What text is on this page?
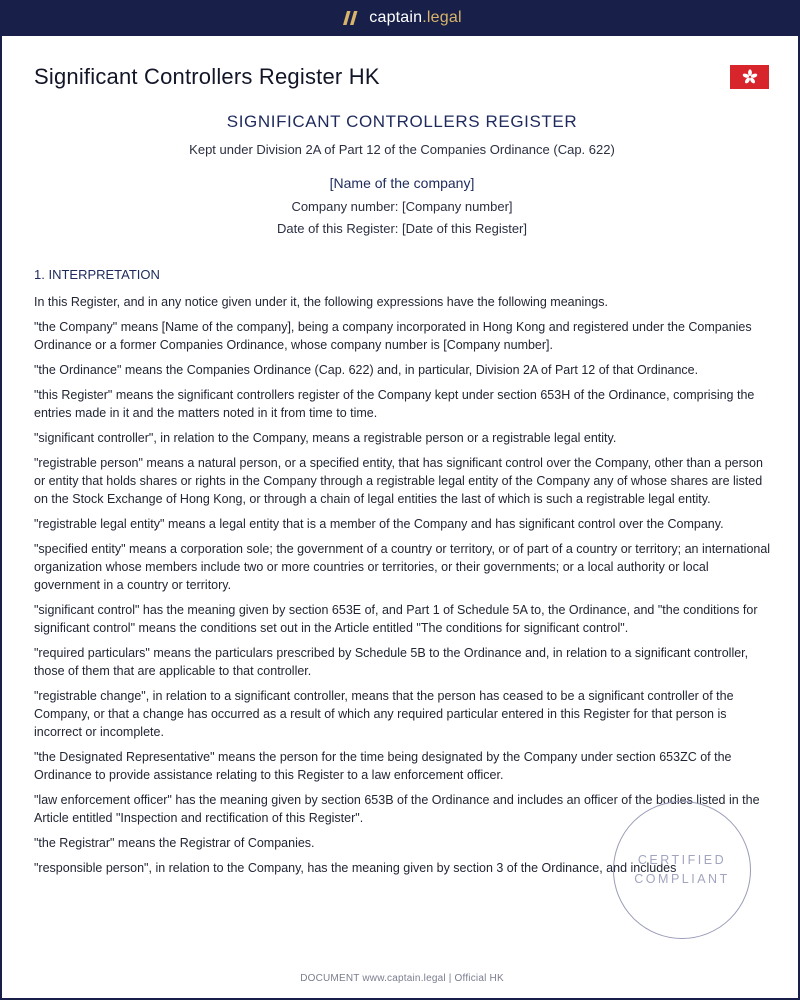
captain.legal
Significant Controllers Register HK
SIGNIFICANT CONTROLLERS REGISTER
Kept under Division 2A of Part 12 of the Companies Ordinance (Cap. 622)
[Name of the company]
Company number: [Company number]
Date of this Register: [Date of this Register]
1. INTERPRETATION

In this Register, and in any notice given under it, the following expressions have the following meanings.

"the Company" means [Name of the company], being a company incorporated in Hong Kong and registered under the Companies Ordinance or a former Companies Ordinance, whose company number is [Company number].

"the Ordinance" means the Companies Ordinance (Cap. 622) and, in particular, Division 2A of Part 12 of that Ordinance.

"this Register" means the significant controllers register of the Company kept under section 653H of the Ordinance, comprising the entries made in it and the matters noted in it from time to time.

"significant controller", in relation to the Company, means a registrable person or a registrable legal entity.

"registrable person" means a natural person, or a specified entity, that has significant control over the Company, other than a person or entity that holds shares or rights in the Company through a registrable legal entity of the Company any of whose shares are listed on the Stock Exchange of Hong Kong, or through a chain of legal entities the last of which is such a registrable legal entity.

"registrable legal entity" means a legal entity that is a member of the Company and has significant control over the Company.

"specified entity" means a corporation sole; the government of a country or territory, or of part of a country or territory; an international organization whose members include two or more countries or territories, or their governments; or a local authority or local government in a country or territory.

"significant control" has the meaning given by section 653E of, and Part 1 of Schedule 5A to, the Ordinance, and "the conditions for significant control" means the conditions set out in the Article entitled "The conditions for significant control".

"required particulars" means the particulars prescribed by Schedule 5B to the Ordinance and, in relation to a significant controller, those of them that are applicable to that controller.

"registrable change", in relation to a significant controller, means that the person has ceased to be a significant controller of the Company, or that a change has occurred as a result of which any required particular entered in this Register for that person is incorrect or incomplete.

"the Designated Representative" means the person for the time being designated by the Company under section 653ZC of the Ordinance to provide assistance relating to this Register to a law enforcement officer.

"law enforcement officer" has the meaning given by section 653B of the Ordinance and includes an officer of the bodies listed in the Article entitled "Inspection and rectification of this Register".

"the Registrar" means the Registrar of Companies.

"responsible person", in relation to the Company, has the meaning given by section 3 of the Ordinance, and includes

CERTIFIED
COMPLIANT
DOCUMENT www.captain.legal | Official HK
